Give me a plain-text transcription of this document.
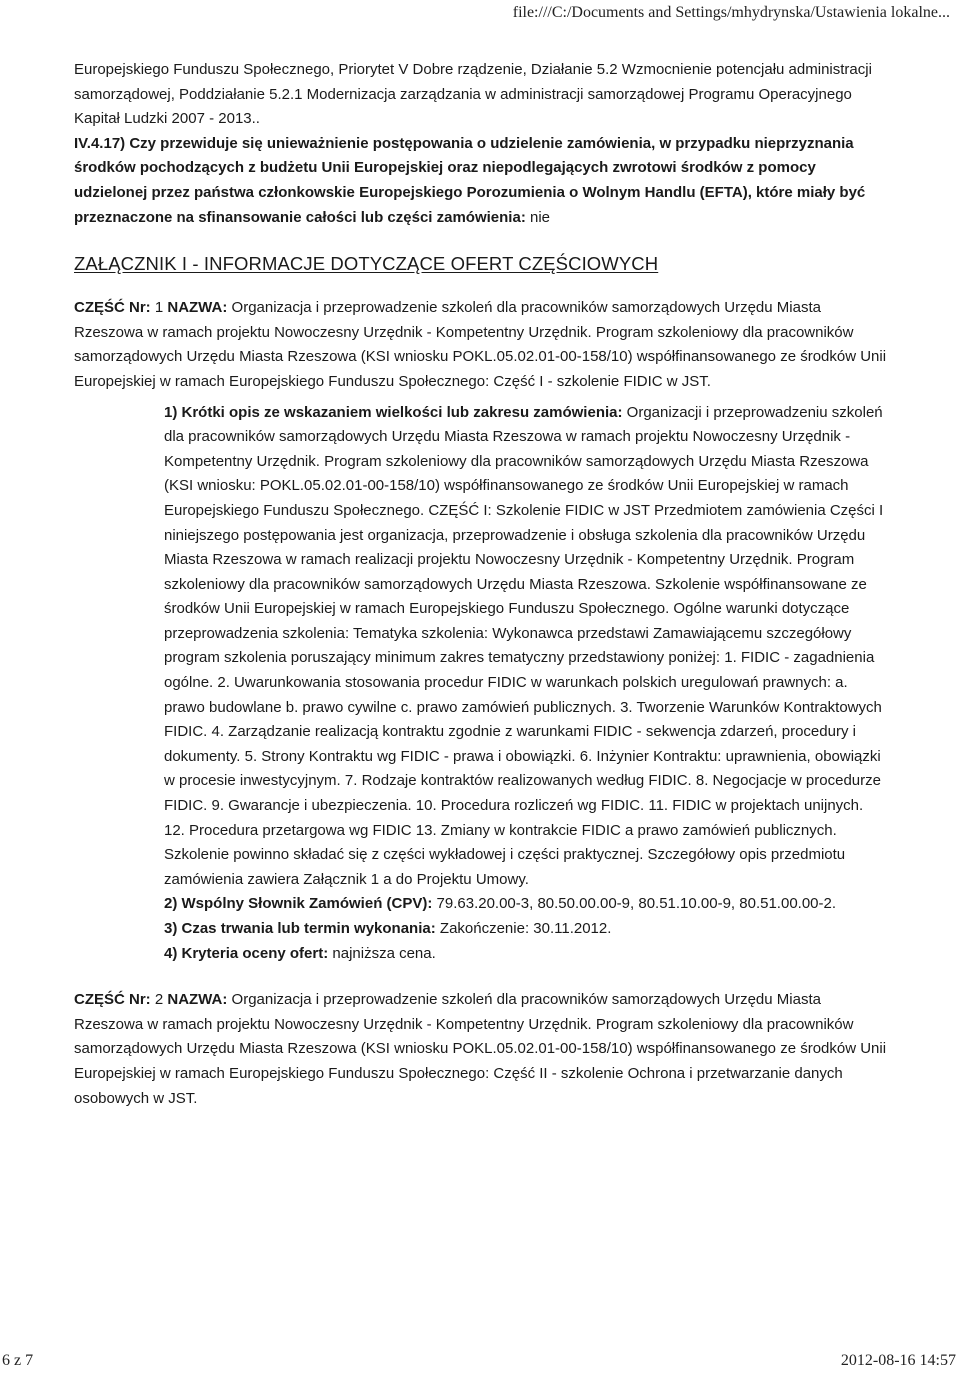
file:///C:/Documents and Settings/mhydrynska/Ustawienia lokalne...

Europejskiego Funduszu Społecznego, Priorytet V Dobre rządzenie, Działanie 5.2 Wzmocnienie potencjału administracji samorządowej, Poddziałanie 5.2.1 Modernizacja zarządzania w administracji samorządowej Programu Operacyjnego Kapitał Ludzki 2007 - 2013..

IV.4.17) Czy przewiduje się unieważnienie postępowania o udzielenie zamówienia, w przypadku nieprzyznania środków pochodzących z budżetu Unii Europejskiej oraz niepodlegających zwrotowi środków z pomocy udzielonej przez państwa członkowskie Europejskiego Porozumienia o Wolnym Handlu (EFTA), które miały być przeznaczone na sfinansowanie całości lub części zamówienia: nie

ZAŁĄCZNIK I - INFORMACJE DOTYCZĄCE OFERT CZĘŚCIOWYCH

CZĘŚĆ Nr: 1 NAZWA: Organizacja i przeprowadzenie szkoleń dla pracowników samorządowych Urzędu Miasta Rzeszowa w ramach projektu Nowoczesny Urzędnik - Kompetentny Urzędnik. Program szkoleniowy dla pracowników samorządowych Urzędu Miasta Rzeszowa (KSI wniosku POKL.05.02.01-00-158/10) współfinansowanego ze środków Unii Europejskiej w ramach Europejskiego Funduszu Społecznego: Część I - szkolenie FIDIC w JST.

1) Krótki opis ze wskazaniem wielkości lub zakresu zamówienia: Organizacji i przeprowadzeniu szkoleń dla pracowników samorządowych Urzędu Miasta Rzeszowa w ramach projektu Nowoczesny Urzędnik - Kompetentny Urzędnik. Program szkoleniowy dla pracowników samorządowych Urzędu Miasta Rzeszowa (KSI wniosku: POKL.05.02.01-00-158/10) współfinansowanego ze środków Unii Europejskiej w ramach Europejskiego Funduszu Społecznego. CZĘŚĆ I: Szkolenie FIDIC w JST Przedmiotem zamówienia Części I niniejszego postępowania jest organizacja, przeprowadzenie i obsługa szkolenia dla pracowników Urzędu Miasta Rzeszowa w ramach realizacji projektu Nowoczesny Urzędnik - Kompetentny Urzędnik. Program szkoleniowy dla pracowników samorządowych Urzędu Miasta Rzeszowa. Szkolenie współfinansowane ze środków Unii Europejskiej w ramach Europejskiego Funduszu Społecznego. Ogólne warunki dotyczące przeprowadzenia szkolenia: Tematyka szkolenia: Wykonawca przedstawi Zamawiającemu szczegółowy program szkolenia poruszający minimum zakres tematyczny przedstawiony poniżej: 1. FIDIC - zagadnienia ogólne. 2. Uwarunkowania stosowania procedur FIDIC w warunkach polskich uregulowań prawnych: a. prawo budowlane b. prawo cywilne c. prawo zamówień publicznych. 3. Tworzenie Warunków Kontraktowych FIDIC. 4. Zarządzanie realizacją kontraktu zgodnie z warunkami FIDIC - sekwencja zdarzeń, procedury i dokumenty. 5. Strony Kontraktu wg FIDIC - prawa i obowiązki. 6. Inżynier Kontraktu: uprawnienia, obowiązki w procesie inwestycyjnym. 7. Rodzaje kontraktów realizowanych według FIDIC. 8. Negocjacje w procedurze FIDIC. 9. Gwarancje i ubezpieczenia. 10. Procedura rozliczeń wg FIDIC. 11. FIDIC w projektach unijnych. 12. Procedura przetargowa wg FIDIC 13. Zmiany w kontrakcie FIDIC a prawo zamówień publicznych. Szkolenie powinno składać się z części wykładowej i części praktycznej. Szczegółowy opis przedmiotu zamówienia zawiera Załącznik 1 a do Projektu Umowy.

2) Wspólny Słownik Zamówień (CPV): 79.63.20.00-3, 80.50.00.00-9, 80.51.10.00-9, 80.51.00.00-2.

3) Czas trwania lub termin wykonania: Zakończenie: 30.11.2012.

4) Kryteria oceny ofert: najniższa cena.

CZĘŚĆ Nr: 2 NAZWA: Organizacja i przeprowadzenie szkoleń dla pracowników samorządowych Urzędu Miasta Rzeszowa w ramach projektu Nowoczesny Urzędnik - Kompetentny Urzędnik. Program szkoleniowy dla pracowników samorządowych Urzędu Miasta Rzeszowa (KSI wniosku POKL.05.02.01-00-158/10) współfinansowanego ze środków Unii Europejskiej w ramach Europejskiego Funduszu Społecznego: Część II - szkolenie Ochrona i przetwarzanie danych osobowych w JST.

6 z 7	2012-08-16 14:57
